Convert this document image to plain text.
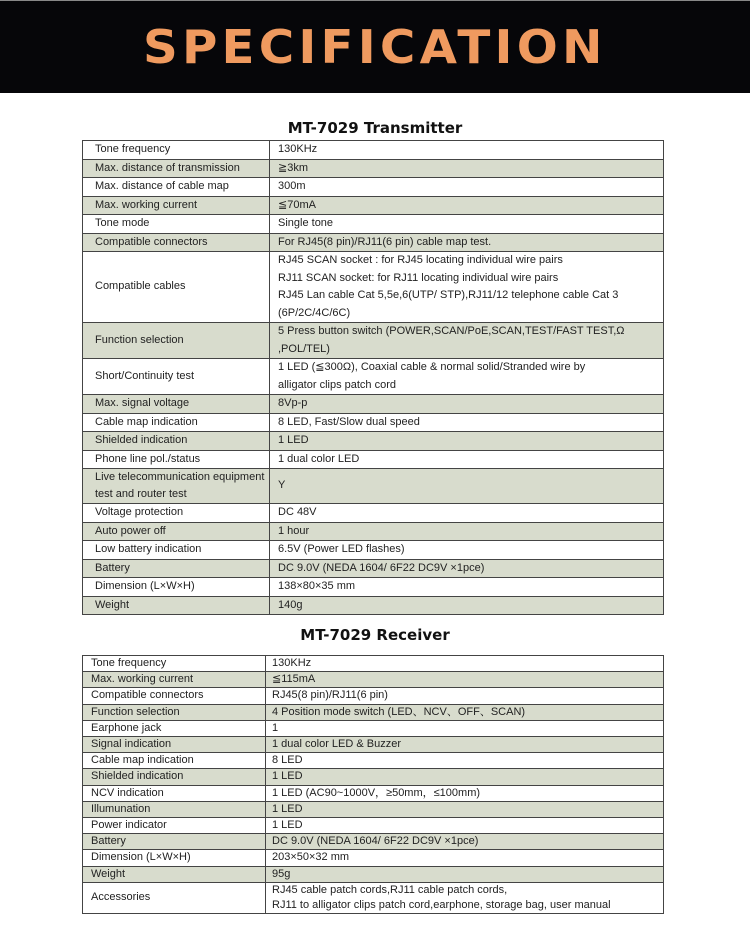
SPECIFICATION
MT-7029 Transmitter
Tone frequency	130KHz

Max. distance of transmission	≧3km

Max. distance of cable map	300m

Max. working current	≦70mA

Tone mode	Single tone

Compatible connectors	For RJ45(8 pin)/RJ11(6 pin) cable map test.

Compatible cables	RJ45 SCAN socket : for RJ45 locating individual wire pairs
RJ11 SCAN socket: for RJ11 locating individual wire pairs
RJ45 Lan cable Cat 5,5e,6(UTP/ STP),RJ11/12 telephone cable Cat 3
(6P/2C/4C/6C)

Function selection	5 Press button switch (POWER,SCAN/PoE,SCAN,TEST/FAST TEST,Ω
,POL/TEL)

Short/Continuity test	1 LED (≦300Ω), Coaxial cable & normal solid/Stranded wire by
alligator clips patch cord

Max. signal voltage	8Vp-p

Cable map indication	8 LED, Fast/Slow dual speed

Shielded indication	1 LED

Phone line pol./status	1 dual color LED

Live telecommunication equipment test and router test	Y

Voltage protection	DC 48V

Auto power off	1 hour

Low battery indication	6.5V (Power LED flashes)

Battery	DC 9.0V (NEDA 1604/ 6F22 DC9V ×1pce)

Dimension (L×W×H)	138×80×35 mm

Weight	140g
MT-7029 Receiver
Tone frequency	130KHz

Max. working current	≦115mA

Compatible connectors	RJ45(8 pin)/RJ11(6 pin)

Function selection	4 Position mode switch (LED、NCV、OFF、SCAN)

Earphone jack	1

Signal indication	1 dual color LED & Buzzer

Cable map indication	8 LED

Shielded indication	1 LED

NCV indication	1 LED (AC90~1000V，≥50mm，≤100mm)

Illumunation	1 LED

Power indicator	1 LED

Battery	DC 9.0V (NEDA 1604/ 6F22 DC9V ×1pce)

Dimension (L×W×H)	203×50×32 mm

Weight	95g

Accessories	RJ45 cable patch cords,RJ11 cable patch cords,
RJ11 to alligator clips patch cord,earphone, storage bag, user manual
